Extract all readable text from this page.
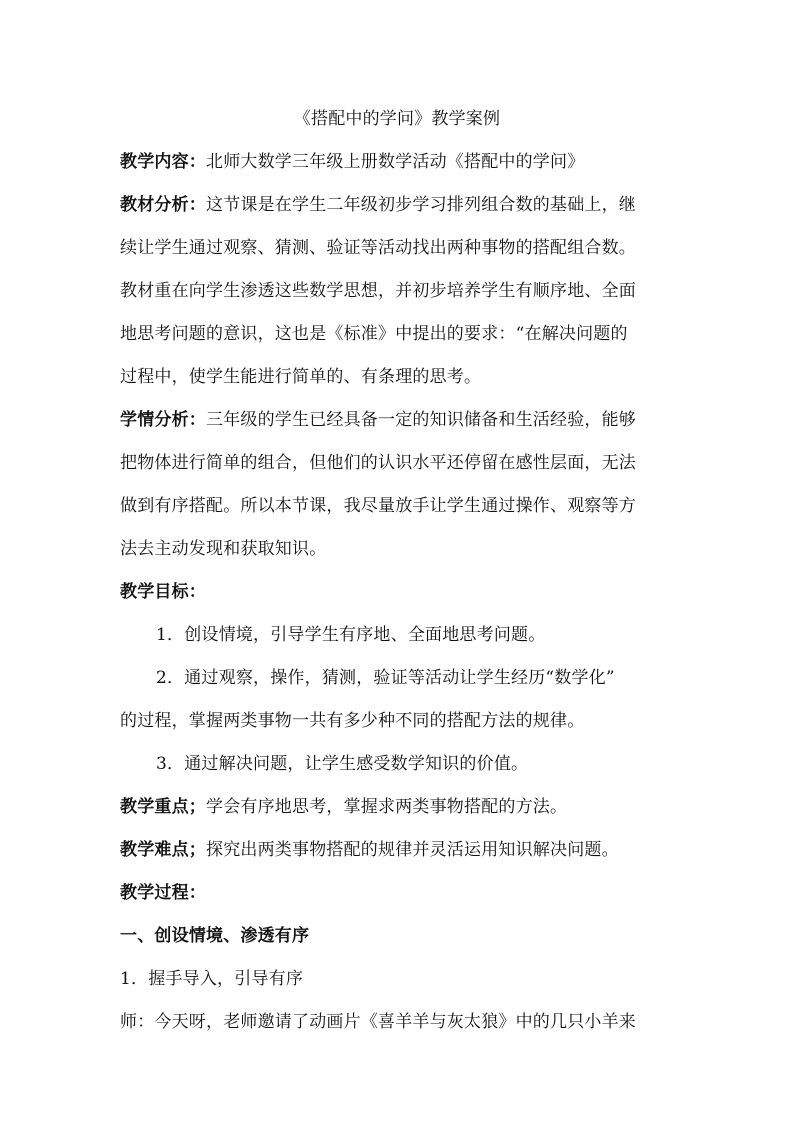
《搭配中的学问》教学案例
教学内容：北师大数学三年级上册数学活动《搭配中的学问》
教材分析：这节课是在学生二年级初步学习排列组合数的基础上，继
续让学生通过观察、猜测、验证等活动找出两种事物的搭配组合数。
教材重在向学生渗透这些数学思想，并初步培养学生有顺序地、全面
地思考问题的意识，这也是《标准》中提出的要求：“在解决问题的
过程中，使学生能进行简单的、有条理的思考。
学情分析：三年级的学生已经具备一定的知识储备和生活经验，能够
把物体进行简单的组合，但他们的认识水平还停留在感性层面，无法
做到有序搭配。所以本节课，我尽量放手让学生通过操作、观察等方
法去主动发现和获取知识。
教学目标：
1．创设情境，引导学生有序地、全面地思考问题。
2．通过观察，操作，猜测，验证等活动让学生经历“数学化”
的过程，掌握两类事物一共有多少种不同的搭配方法的规律。
3．通过解决问题，让学生感受数学知识的价值。
教学重点；学会有序地思考，掌握求两类事物搭配的方法。
教学难点；探究出两类事物搭配的规律并灵活运用知识解决问题。
教学过程：
一、创设情境、渗透有序
1．握手导入，引导有序
师：今天呀，老师邀请了动画片《喜羊羊与灰太狼》中的几只小羊来
